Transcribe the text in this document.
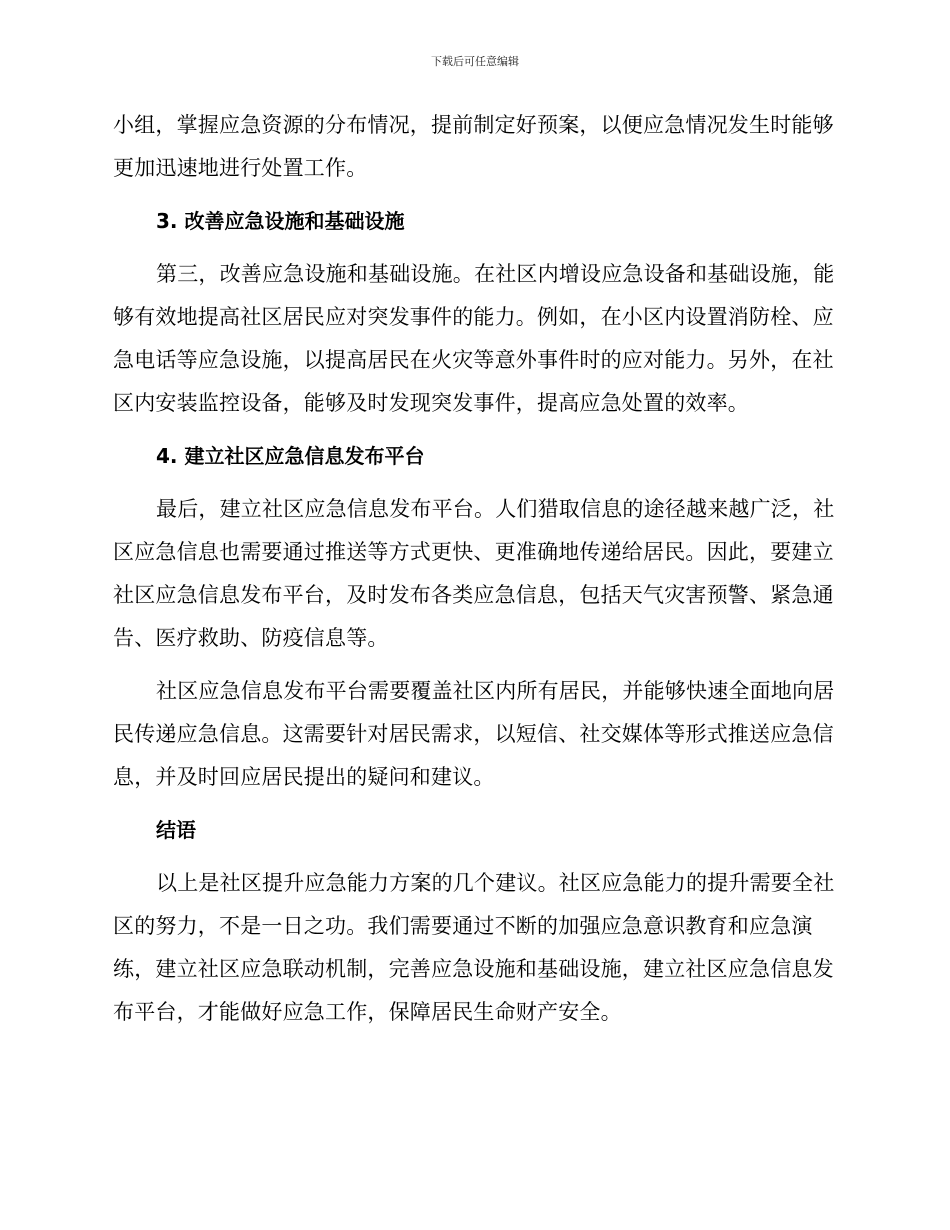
下载后可任意编辑

小组，掌握应急资源的分布情况，提前制定好预案，以便应急情况发生时能够更加迅速地进行处置工作。

3. 改善应急设施和基础设施

第三，改善应急设施和基础设施。在社区内增设应急设备和基础设施，能够有效地提高社区居民应对突发事件的能力。例如，在小区内设置消防栓、应急电话等应急设施，以提高居民在火灾等意外事件时的应对能力。另外，在社区内安装监控设备，能够及时发现突发事件，提高应急处置的效率。

4. 建立社区应急信息发布平台

最后，建立社区应急信息发布平台。人们猎取信息的途径越来越广泛，社区应急信息也需要通过推送等方式更快、更准确地传递给居民。因此，要建立社区应急信息发布平台，及时发布各类应急信息，包括天气灾害预警、紧急通告、医疗救助、防疫信息等。

社区应急信息发布平台需要覆盖社区内所有居民，并能够快速全面地向居民传递应急信息。这需要针对居民需求，以短信、社交媒体等形式推送应急信息，并及时回应居民提出的疑问和建议。

结语

以上是社区提升应急能力方案的几个建议。社区应急能力的提升需要全社区的努力，不是一日之功。我们需要通过不断的加强应急意识教育和应急演练，建立社区应急联动机制，完善应急设施和基础设施，建立社区应急信息发布平台，才能做好应急工作，保障居民生命财产安全。
